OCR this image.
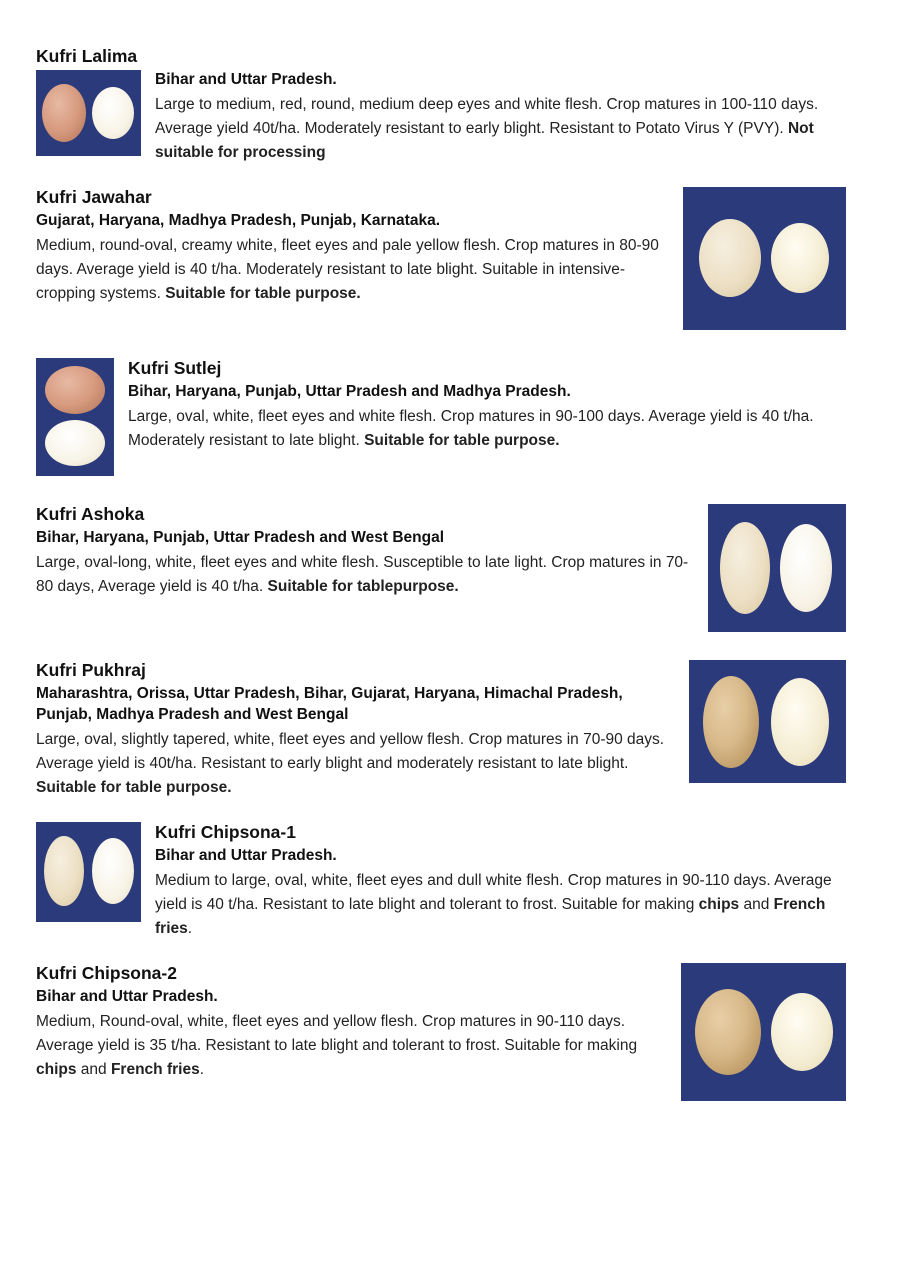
Kufri Lalima
Bihar and Uttar Pradesh.

Large to medium, red, round, medium deep eyes and white flesh. Crop matures in 100-110 days. Average yield 40t/ha. Moderately resistant to early blight. Resistant to Potato Virus Y (PVY). Not suitable for processing

Kufri Jawahar
Gujarat, Haryana, Madhya Pradesh, Punjab, Karnataka.

Medium, round-oval, creamy white, fleet eyes and pale yellow flesh. Crop matures in 80-90 days. Average yield is 40 t/ha. Moderately resistant to late blight. Suitable in intensive-cropping systems. Suitable for table purpose.

Kufri Sutlej
Bihar, Haryana, Punjab, Uttar Pradesh and Madhya Pradesh.

Large, oval, white, fleet eyes and white flesh. Crop matures in 90-100 days. Average yield is 40 t/ha. Moderately resistant to late blight. Suitable for table purpose.

Kufri Ashoka
Bihar, Haryana, Punjab, Uttar Pradesh and West Bengal

Large, oval-long, white, fleet eyes and white flesh. Susceptible to late light. Crop matures in 70-80 days, Average yield is 40 t/ha. Suitable for tablepurpose.

Kufri Pukhraj
Maharashtra, Orissa, Uttar Pradesh, Bihar, Gujarat, Haryana, Himachal Pradesh, Punjab, Madhya Pradesh and West Bengal

Large, oval, slightly tapered, white, fleet eyes and yellow flesh. Crop matures in 70-90 days. Average yield is 40t/ha. Resistant to early blight and moderately resistant to late blight. Suitable for table purpose.

Kufri Chipsona-1
Bihar and Uttar Pradesh.

Medium to large, oval, white, fleet eyes and dull white flesh. Crop matures in 90-110 days. Average yield is 40 t/ha. Resistant to late blight and tolerant to frost. Suitable for making chips and French fries.

Kufri Chipsona-2
Bihar and Uttar Pradesh.

Medium, Round-oval, white, fleet eyes and yellow flesh. Crop matures in 90-110 days. Average yield is 35 t/ha. Resistant to late blight and tolerant to frost. Suitable for making chips and French fries.
